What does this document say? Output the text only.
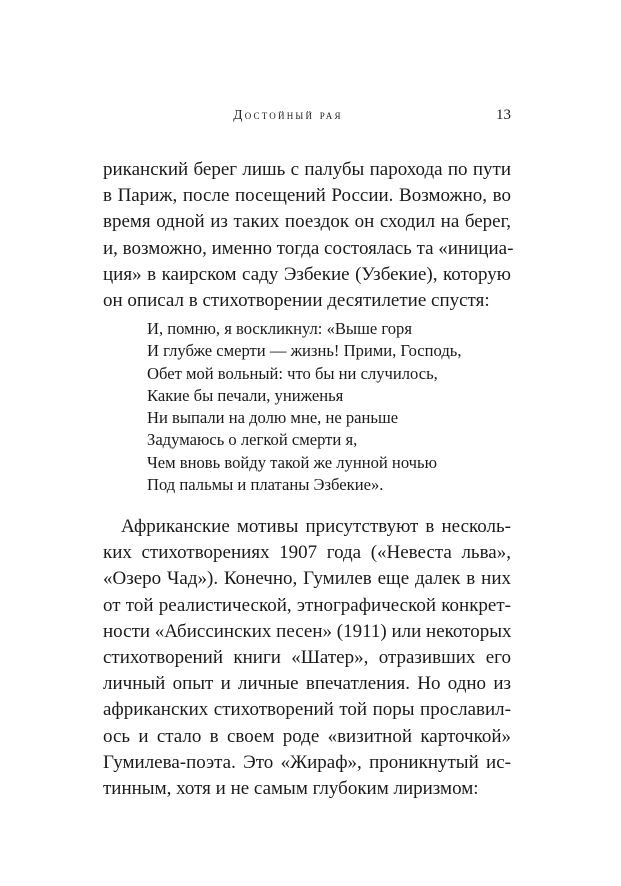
Достойный рая	13
риканский берег лишь с палубы парохода по пути
в Париж, после посещений России. Возможно, во
время одной из таких поездок он сходил на берег,
и, возможно, именно тогда состоялась та «инициа-
ция» в каирском саду Эзбекие (Узбекие), которую
он описал в стихотворении десятилетие спустя:
И, помню, я воскликнул: «Выше горя
И глубже смерти — жизнь! Прими, Господь,
Обет мой вольный: что бы ни случилось,
Какие бы печали, униженья
Ни выпали на долю мне, не раньше
Задумаюсь о легкой смерти я,
Чем вновь войду такой же лунной ночью
Под пальмы и платаны Эзбекие».
Африканские мотивы присутствуют в несколь-
ких стихотворениях 1907 года («Невеста льва»,
«Озеро Чад»). Конечно, Гумилев еще далек в них
от той реалистической, этнографической конкрет-
ности «Абиссинских песен» (1911) или некоторых
стихотворений книги «Шатер», отразивших его
личный опыт и личные впечатления. Но одно из
африканских стихотворений той поры прославил-
ось и стало в своем роде «визитной карточкой»
Гумилева-поэта. Это «Жираф», проникнутый ис-
тинным, хотя и не самым глубоким лиризмом:
